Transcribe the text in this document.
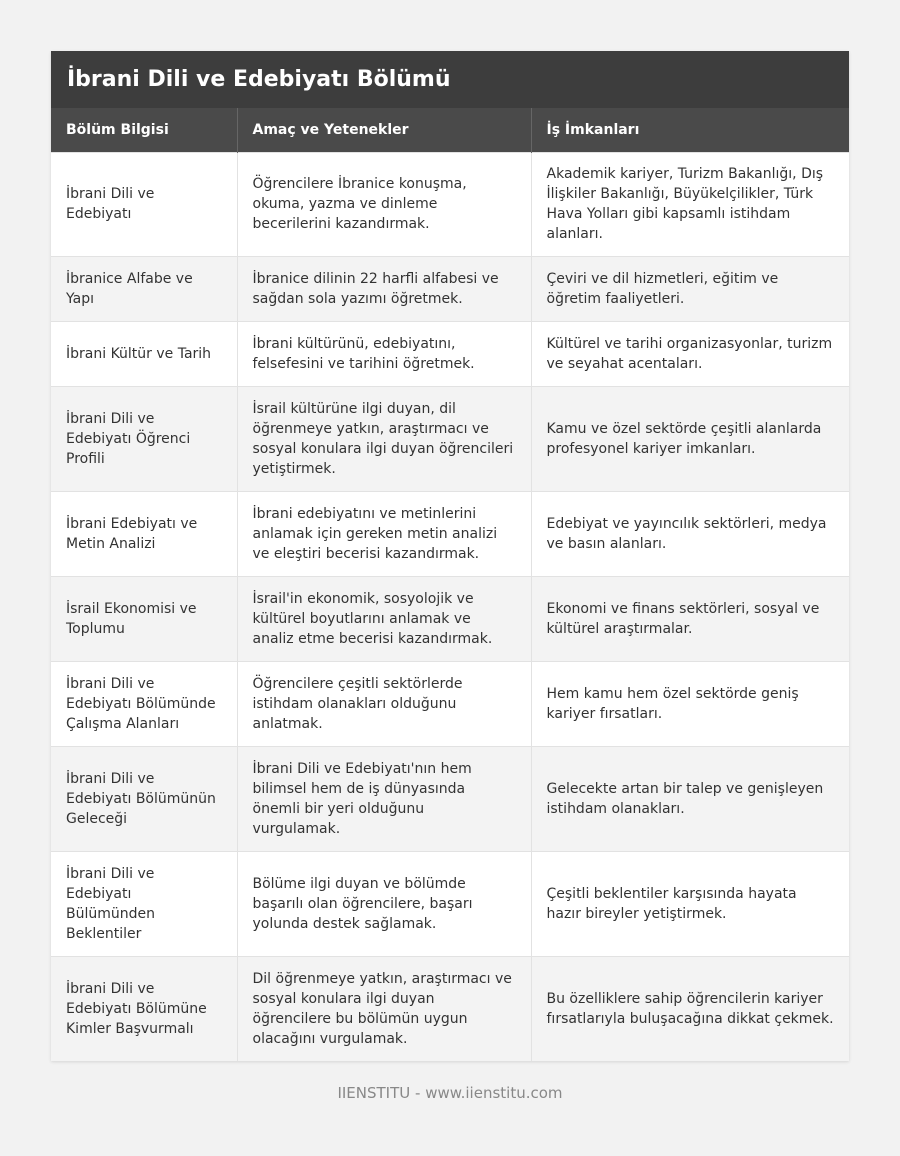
İbrani Dili ve Edebiyatı Bölümü
Bölüm Bilgisi	Amaç ve Yetenekler	İş İmkanları
İbrani Dili ve Edebiyatı	Öğrencilere İbranice konuşma, okuma, yazma ve dinleme becerilerini kazandırmak.	Akademik kariyer, Turizm Bakanlığı, Dış İlişkiler Bakanlığı, Büyükelçilikler, Türk Hava Yolları gibi kapsamlı istihdam alanları.
İbranice Alfabe ve Yapı	İbranice dilinin 22 harfli alfabesi ve sağdan sola yazımı öğretmek.	Çeviri ve dil hizmetleri, eğitim ve öğretim faaliyetleri.
İbrani Kültür ve Tarih	İbrani kültürünü, edebiyatını, felsefesini ve tarihini öğretmek.	Kültürel ve tarihi organizasyonlar, turizm ve seyahat acentaları.
İbrani Dili ve Edebiyatı Öğrenci Profili	İsrail kültürüne ilgi duyan, dil öğrenmeye yatkın, araştırmacı ve sosyal konulara ilgi duyan öğrencileri yetiştirmek.	Kamu ve özel sektörde çeşitli alanlarda profesyonel kariyer imkanları.
İbrani Edebiyatı ve Metin Analizi	İbrani edebiyatını ve metinlerini anlamak için gereken metin analizi ve eleştiri becerisi kazandırmak.	Edebiyat ve yayıncılık sektörleri, medya ve basın alanları.
İsrail Ekonomisi ve Toplumu	İsrail'in ekonomik, sosyolojik ve kültürel boyutlarını anlamak ve analiz etme becerisi kazandırmak.	Ekonomi ve finans sektörleri, sosyal ve kültürel araştırmalar.
İbrani Dili ve Edebiyatı Bölümünde Çalışma Alanları	Öğrencilere çeşitli sektörlerde istihdam olanakları olduğunu anlatmak.	Hem kamu hem özel sektörde geniş kariyer fırsatları.
İbrani Dili ve Edebiyatı Bölümünün Geleceği	İbrani Dili ve Edebiyatı'nın hem bilimsel hem de iş dünyasında önemli bir yeri olduğunu vurgulamak.	Gelecekte artan bir talep ve genişleyen istihdam olanakları.
İbrani Dili ve Edebiyatı Bülümünden Beklentiler	Bölüme ilgi duyan ve bölümde başarılı olan öğrencilere, başarı yolunda destek sağlamak.	Çeşitli beklentiler karşısında hayata hazır bireyler yetiştirmek.
İbrani Dili ve Edebiyatı Bölümüne Kimler Başvurmalı	Dil öğrenmeye yatkın, araştırmacı ve sosyal konulara ilgi duyan öğrencilere bu bölümün uygun olacağını vurgulamak.	Bu özelliklere sahip öğrencilerin kariyer fırsatlarıyla buluşacağına dikkat çekmek.
IIENSTITU - www.iienstitu.com
